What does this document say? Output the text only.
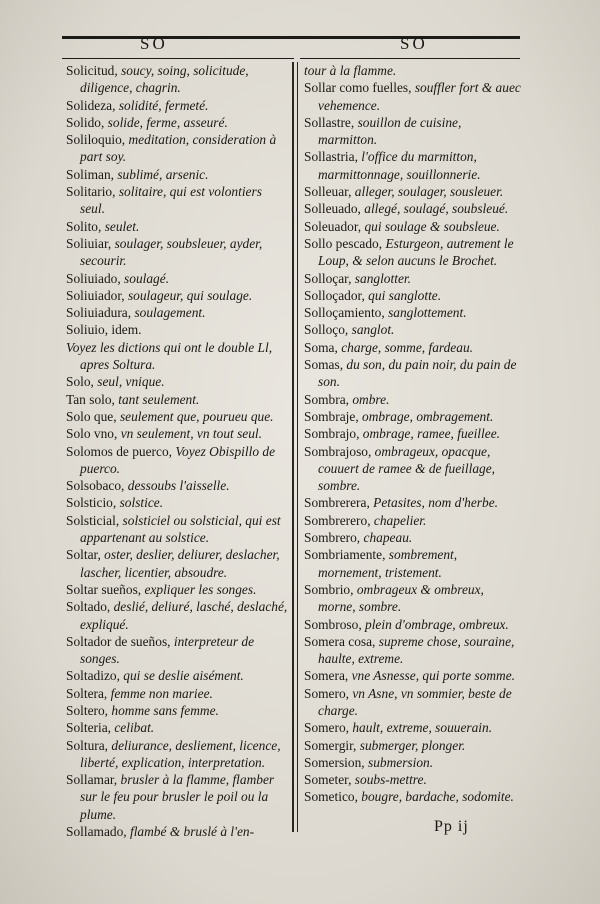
SO	SO

Solicitud, soucy, soing, solicitude, diligence, chagrin.

Solideza, solidité, fermeté.

Solido, solide, ferme, asseuré.

Soliloquio, meditation, consideration à part soy.

Soliman, sublimé, arsenic.

Solitario, solitaire, qui est volontiers seul.

Solito, seulet.

Soliuiar, soulager, soubsleuer, ayder, secourir.

Soliuiado, soulagé.

Soliuiador, soulageur, qui soulage.

Soliuiadura, soulagement.

Soliuio, idem.

Voyez les dictions qui ont le double Ll, apres Soltura.

Solo, seul, vnique.

Tan solo, tant seulement.

Solo que, seulement que, pourueu que.

Solo vno, vn seulement, vn tout seul.

Solomos de puerco, Voyez Obispillo de puerco.

Solsobaco, dessoubs l'aisselle.

Solsticio, solstice.

Solsticial, solsticiel ou solsticial, qui est appartenant au solstice.

Soltar, oster, deslier, deliurer, deslacher, lascher, licentier, absoudre.

Soltar sueños, expliquer les songes.

Soltado, deslié, deliuré, lasché, deslaché, expliqué.

Soltador de sueños, interpreteur de songes.

Soltadizo, qui se deslie aisément.

Soltera, femme non mariee.

Soltero, homme sans femme.

Solteria, celibat.

Soltura, deliurance, desliement, licence, liberté, explication, interpretation.

Sollamar, brusler à la flamme, flamber sur le feu pour brusler le poil ou la plume.

Sollamado, flambé & bruslé à l'en-

tour à la flamme.

Sollar como fuelles, souffler fort & auec vehemence.

Sollastre, souillon de cuisine, marmitton.

Sollastria, l'office du marmitton, marmittonnage, souillonnerie.

Solleuar, alleger, soulager, sousleuer.

Solleuado, allegé, soulagé, soubsleué.

Soleuador, qui soulage & soubsleue.

Sollo pescado, Esturgeon, autrement le Loup, & selon aucuns le Brochet.

Solloçar, sanglotter.

Solloçador, qui sanglotte.

Solloçamiento, sanglottement.

Solloço, sanglot.

Soma, charge, somme, fardeau.

Somas, du son, du pain noir, du pain de son.

Sombra, ombre.

Sombraje, ombrage, ombragement.

Sombrajo, ombrage, ramee, fueillee.

Sombrajoso, ombrageux, opacque, couuert de ramee & de fueillage, sombre.

Sombrerera, Petasites, nom d'herbe.

Sombrerero, chapelier.

Sombrero, chapeau.

Sombriamente, sombrement, mornement, tristement.

Sombrio, ombrageux & ombreux, morne, sombre.

Sombroso, plein d'ombrage, ombreux.

Somera cosa, supreme chose, souraine, haulte, extreme.

Somera, vne Asnesse, qui porte somme.

Somero, vn Asne, vn sommier, beste de charge.

Somero, hault, extreme, souuerain.

Somergir, submerger, plonger.

Somersion, submersion.

Someter, soubs-mettre.

Sometico, bougre, bardache, sodomite.

Pp ij
